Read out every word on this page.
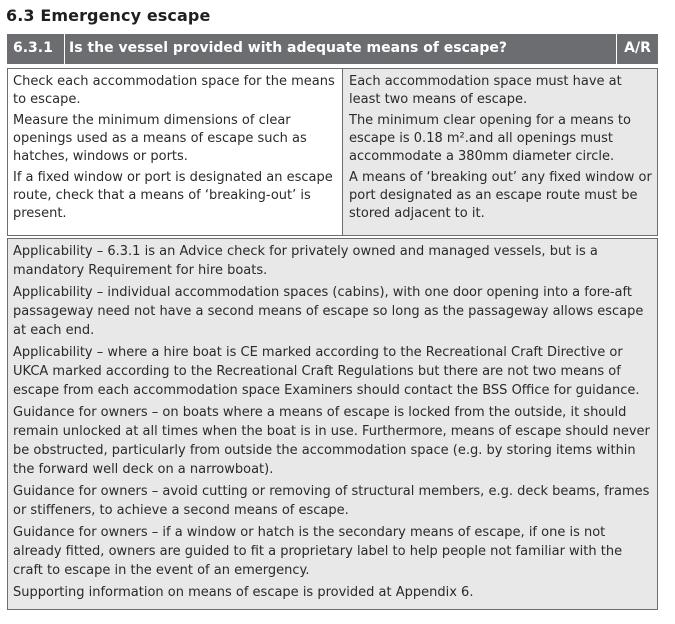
6.3 Emergency escape
6.3.1	Is the vessel provided with adequate means of escape?	A/R

Check each accommodation space for the means to escape.

Measure the minimum dimensions of clear openings used as a means of escape such as hatches, windows or ports.

If a fixed window or port is designated an escape route, check that a means of ‘breaking-out’ is present.

Each accommodation space must have at least two means of escape.

The minimum clear opening for a means to escape is 0.18 m².and all openings must accommodate a 380mm diameter circle.

A means of ‘breaking out’ any fixed window or port designated as an escape route must be stored adjacent to it.

Applicability – 6.3.1 is an Advice check for privately owned and managed vessels, but is a mandatory Requirement for hire boats.

Applicability – individual accommodation spaces (cabins), with one door opening into a fore-aft passageway need not have a second means of escape so long as the passageway allows escape at each end.

Applicability – where a hire boat is CE marked according to the Recreational Craft Directive or UKCA marked according to the Recreational Craft Regulations but there are not two means of escape from each accommodation space Examiners should contact the BSS Office for guidance.

Guidance for owners – on boats where a means of escape is locked from the outside, it should remain unlocked at all times when the boat is in use. Furthermore, means of escape should never be obstructed, particularly from outside the accommodation space (e.g. by storing items within the forward well deck on a narrowboat).

Guidance for owners – avoid cutting or removing of structural members, e.g. deck beams, frames or stiffeners, to achieve a second means of escape.

Guidance for owners – if a window or hatch is the secondary means of escape, if one is not already fitted, owners are guided to fit a proprietary label to help people not familiar with the craft to escape in the event of an emergency.

Supporting information on means of escape is provided at Appendix 6.
